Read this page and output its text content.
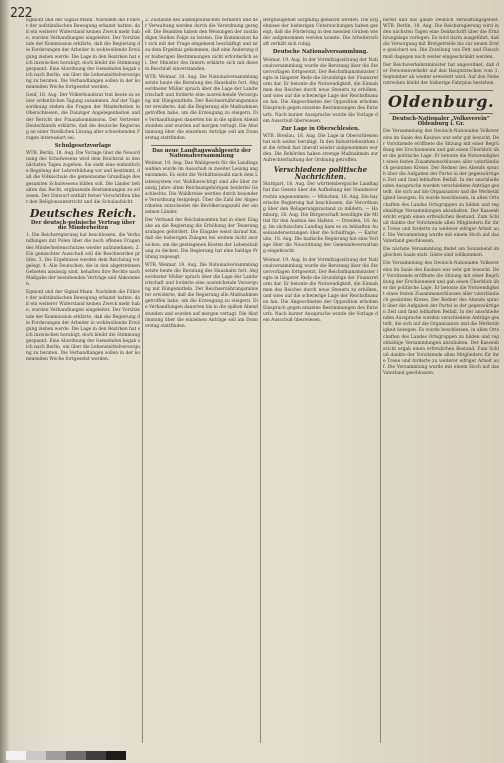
222

Egmont und der Signal-Mann. Nachdem die Führer der aufständischen Bewegung erkannt hatten, daß ein weiterer Widerstand keinen Zweck mehr habe, wurden Verhandlungen eingeleitet. Der Vorsitzende der Kommission erklärte, daß die Regierung die Forderungen der Arbeiter in wohlwollende Erwägung ziehen werde. Die Lage in den Bezirken hat sich inzwischen beruhigt, doch bleibt die Stimmung gespannt. Eine Abordnung der Gemeinden begab sich nach Berlin, um über die Lebensmittelversorgung zu beraten. Die Verhandlungen sollen in der kommenden Woche fortgesetzt werden.

Genf, 18. Aug. Der Völkerbundsrat trat heute zu seiner ordentlichen Tagung zusammen. Auf der Tagesordnung stehen die Fragen der Minderheiten in Oberschlesien, die Danziger Angelegenheiten und der Bericht der Finanzkommission. Der Vertreter Deutschlands erklärte, daß die deutsche Regierung an einer friedlichen Lösung aller schwebenden Fragen interessiert sei.

Schulgesetzvorlage

WTB. Berlin, 18. Aug. Die Vorlage über die Neuordnung des Schulwesens wird dem Reichsrat in den nächsten Tagen zugehen. Sie sieht eine einheitliche Regelung der Lehrerbildung vor und bestimmt, daß die Volksschule die gemeinsame Grundlage des gesamten Schulwesens bilden soll. Die Länder behalten das Recht, ergänzende Bestimmungen zu erlassen. Der Entwurf enthält ferner Vorschriften über den Religionsunterricht und die Schulaufsicht.

Deutsches Reich.
Der deutsch-polnische Vertrag über die Minderheiten

1. Die Reichsregierung hat beschlossen, die Verhandlungen mit Polen über die noch offenen Fragen des Minderheitenschutzes wieder aufzunehmen. 2. Ein gemischter Ausschuß soll die Beschwerden prüfen. 3. Die Ergebnisse werden dem Reichstag vorgelegt. 4. Alle Deutschen, die in den abgetretenen Gebieten ansässig sind, behalten ihre Rechte nach Maßgabe der bestehenden Verträge und Abkommen.

Egmont und der Signal-Mann. Nachdem die Führer der aufständischen Bewegung erkannt hatten, daß ein weiterer Widerstand keinen Zweck mehr habe, wurden Verhandlungen eingeleitet. Der Vorsitzende der Kommission erklärte, daß die Regierung die Forderungen der Arbeiter in wohlwollende Erwägung ziehen werde. Die Lage in den Bezirken hat sich inzwischen beruhigt, doch bleibt die Stimmung gespannt. Eine Abordnung der Gemeinden begab sich nach Berlin, um über die Lebensmittelversorgung zu beraten. Die Verhandlungen sollen in der kommenden Woche fortgesetzt werden.

2. Zustände des außenpolitischen Verkehrs und der Verwaltung werden durch die Verordnung geregelt. Die Beamten haben den Weisungen der zuständigen Stellen Folge zu leisten. Die Kommission hat sich mit der Frage eingehend beschäftigt und ist zu dem Ergebnis gekommen, daß eine Änderung der bisherigen Bestimmungen nicht erforderlich sei. Der Minister des Innern erklärte sich mit diesem Beschluß einverstanden.

WTB. Weimar, 18. Aug. Die Nationalversammlung setzte heute die Beratung des Haushalts fort. Abgeordneter Müller sprach über die Lage der Landwirtschaft und forderte eine ausreichende Versorgung mit Düngemitteln. Der Reichsernährungsminister erwiderte, daß die Regierung alle Maßnahmen getroffen habe, um die Erzeugung zu steigern. Die Verhandlungen dauerten bis in die späten Abendstunden und wurden auf morgen vertagt. Die Abstimmung über die einzelnen Anträge soll am Donnerstag stattfinden.

Das neue Landtagswahlgesetz der Nationalversammlung

Weimar, 19. Aug. Das Wahlgesetz für die Landtagswahlen wurde im Ausschuß in zweiter Lesung angenommen. Es sieht die Verhältniswahl nach dem Listensystem vor. Wahlberechtigt sind alle über zwanzig Jahre alten Reichsangehörigen beiderlei Geschlechts. Die Wahlkreise werden durch besondere Verordnung festgelegt. Über die Zahl der Abgeordneten entscheidet die Bevölkerungszahl der einzelnen Länder.

Der Verband der Reichsbeamten hat in einer Eingabe an die Regierung die Erhöhung der Teuerungszulagen gefordert. Die Eingabe weist darauf hin, daß die bisherigen Zulagen bei weitem nicht ausreichen, um die gestiegenen Kosten der Lebenshaltung zu decken. Die Regierung hat eine baldige Prüfung zugesagt.

WTB. Weimar, 18. Aug. Die Nationalversammlung setzte heute die Beratung des Haushalts fort. Abgeordneter Müller sprach über die Lage der Landwirtschaft und forderte eine ausreichende Versorgung mit Düngemitteln. Der Reichsernährungsminister erwiderte, daß die Regierung alle Maßnahmen getroffen habe, um die Erzeugung zu steigern. Die Verhandlungen dauerten bis in die späten Abendstunden und wurden auf morgen vertagt. Die Abstimmung über die einzelnen Anträge soll am Donnerstag stattfinden.

Bergbaugebiet sorgfältig gemacht werden. Die Ergebnisse der bisherigen Untersuchungen haben gezeigt, daß die Förderung in den meisten Gruben wieder aufgenommen werden konnte. Die Arbeiterschaft verhält sich ruhig.

Deutsche Nationalversammlung.

Weimar, 19. Aug. In der Vormittagssitzung der Nationalversammlung wurde die Beratung über die Steuervorlagen fortgesetzt. Der Reichsfinanzminister legte in längerer Rede die Grundzüge der Finanzreform dar. Er betonte die Notwendigkeit, die Einnahmen des Reiches durch neue Steuern zu erhöhen, und wies auf die schwierige Lage der Reichsfinanzen hin. Die Abgeordneten der Opposition erhoben Einspruch gegen einzelne Bestimmungen des Entwurfs. Nach kurzer Aussprache wurde die Vorlage dem Ausschuß überwiesen.

Zur Lage in Oberschlesien.

WTB. Breslau, 18. Aug. Die Lage in Oberschlesien hat sich weiter beruhigt. In den Industriebezirken ist die Arbeit fast überall wieder aufgenommen worden. Die Behörden haben strenge Maßnahmen zur Aufrechterhaltung der Ordnung getroffen.

Verschiedene politische Nachrichten.

Stuttgart, 18. Aug. Der württembergische Landtag hat das Gesetz über die Aufhebung der Standesvorrechte angenommen. — München, 18. Aug. Die bayerische Regierung hat beschlossen, die Verordnung über den Belagerungszustand zu mildern. — Hamburg, 18. Aug. Die Bürgerschaft bewilligte die Mittel für den Ausbau des Hafens. — Dresden, 18. Aug. Im sächsischen Landtag kam es zu lebhaften Auseinandersetzungen über die Schulfrage. — Karlsruhe, 18. Aug. Die badische Regierung hat eine Vorlage über die Neuordnung der Gemeindeverwaltung eingebracht.

Weimar, 19. Aug. In der Vormittagssitzung der Nationalversammlung wurde die Beratung über die Steuervorlagen fortgesetzt. Der Reichsfinanzminister legte in längerer Rede die Grundzüge der Finanzreform dar. Er betonte die Notwendigkeit, die Einnahmen des Reiches durch neue Steuern zu erhöhen, und wies auf die schwierige Lage der Reichsfinanzen hin. Die Abgeordneten der Opposition erhoben Einspruch gegen einzelne Bestimmungen des Entwurfs. Nach kurzer Aussprache wurde die Vorlage dem Ausschuß überwiesen.

bereit und das ganze Deutsch Verwaltungsgebiet. WTB. Berlin, 18. Aug. Die Reichsregierung wird in den nächsten Tagen eine Denkschrift über die Ernährungslage vorlegen. Es wird darin ausgeführt, daß die Versorgung mit Brotgetreide bis zur neuen Ernte gesichert sei. Die Zuteilung von Fett und Fleisch muß dagegen noch weiter eingeschränkt werden.

Der Reichsverkehrsminister hat angeordnet, daß der Personenverkehr auf den Hauptstrecken vom 1. September ab wieder erweitert wird. Auf den Nebenstrecken bleibt der bisherige Fahrplan bestehen.

Oldenburg.
Deutsch-Nationaler „Volksverein“ Oldenburg i. Gr.

Die Versammlung des Deutsch-Nationalen Volksvereins im Saale des Kasinos war sehr gut besucht. Der Vorsitzende eröffnete die Sitzung mit einer Begrüßung der Erschienenen und gab einen Überblick über die politische Lage. Er betonte die Notwendigkeit eines festen Zusammenschlusses aller vaterländisch gesinnten Kreise. Der Redner des Abends sprach über die Aufgaben der Partei in der gegenwärtigen Zeit und fand lebhaften Beifall. In der anschließenden Aussprache wurden verschiedene Anträge gestellt, die sich auf die Organisation und die Werbetätigkeit bezogen. Es wurde beschlossen, in allen Ortschaften des Landes Ortsgruppen zu bilden und regelmäßige Versammlungen abzuhalten. Der Kassenbericht ergab einen erfreulichen Bestand. Zum Schluß dankte der Vorsitzende allen Mitgliedern für ihre Treue und forderte zu weiterer eifriger Arbeit auf. Die Versammlung wurde mit einem Hoch auf das Vaterland geschlossen.

Die nächste Versammlung findet am Sonnabend im gleichen Saale statt. Gäste sind willkommen.

Die Versammlung des Deutsch-Nationalen Volksvereins im Saale des Kasinos war sehr gut besucht. Der Vorsitzende eröffnete die Sitzung mit einer Begrüßung der Erschienenen und gab einen Überblick über die politische Lage. Er betonte die Notwendigkeit eines festen Zusammenschlusses aller vaterländisch gesinnten Kreise. Der Redner des Abends sprach über die Aufgaben der Partei in der gegenwärtigen Zeit und fand lebhaften Beifall. In der anschließenden Aussprache wurden verschiedene Anträge gestellt, die sich auf die Organisation und die Werbetätigkeit bezogen. Es wurde beschlossen, in allen Ortschaften des Landes Ortsgruppen zu bilden und regelmäßige Versammlungen abzuhalten. Der Kassenbericht ergab einen erfreulichen Bestand. Zum Schluß dankte der Vorsitzende allen Mitgliedern für ihre Treue und forderte zu weiterer eifriger Arbeit auf. Die Versammlung wurde mit einem Hoch auf das Vaterland geschlossen.
